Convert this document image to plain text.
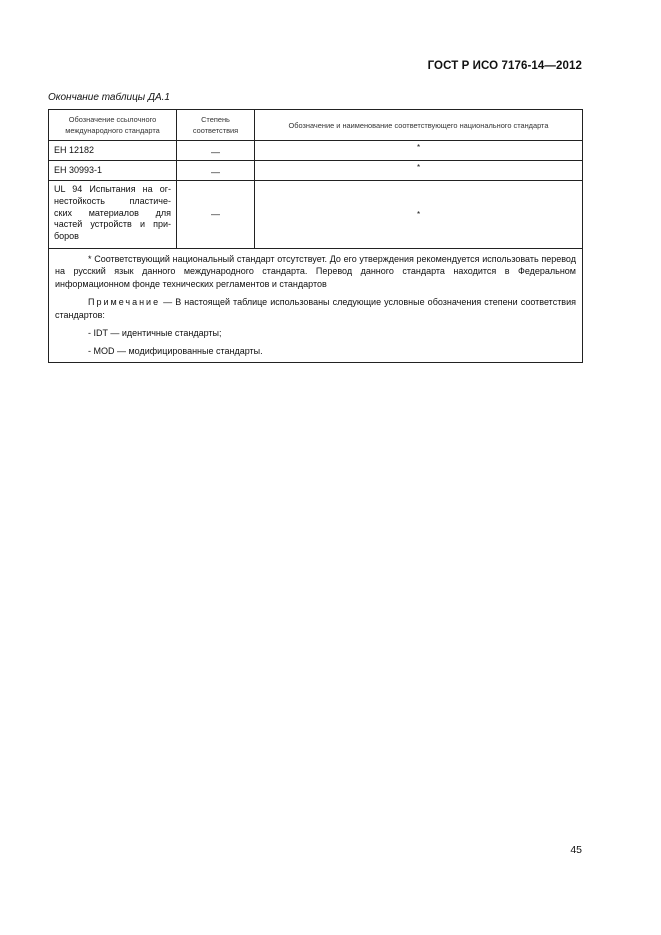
ГОСТ Р ИСО 7176-14—2012
Окончание таблицы ДА.1
Обозначение ссылочного международного стандарта	Степень соответствия	Обозначение и наименование соответствующего национального стандарта
ЕН 12182	—	*
ЕН 30993-1	—	*

UL 94 Испытания на ог-
нестойкость пластиче-
ских материалов для
частей устройств и при-
боров	—	*

* Соответствующий национальный стандарт отсутствует. До его утверждения рекомендуется использовать перевод на русский язык данного международного стандарта. Перевод данного стандарта находится в Федеральном информационном фонде технических регламентов и стандартов

Примечание — В настоящей таблице использованы следующие условные обозначения степени соответствия стандартов:

- IDT — идентичные стандарты;

- MOD — модифицированные стандарты.		

45
